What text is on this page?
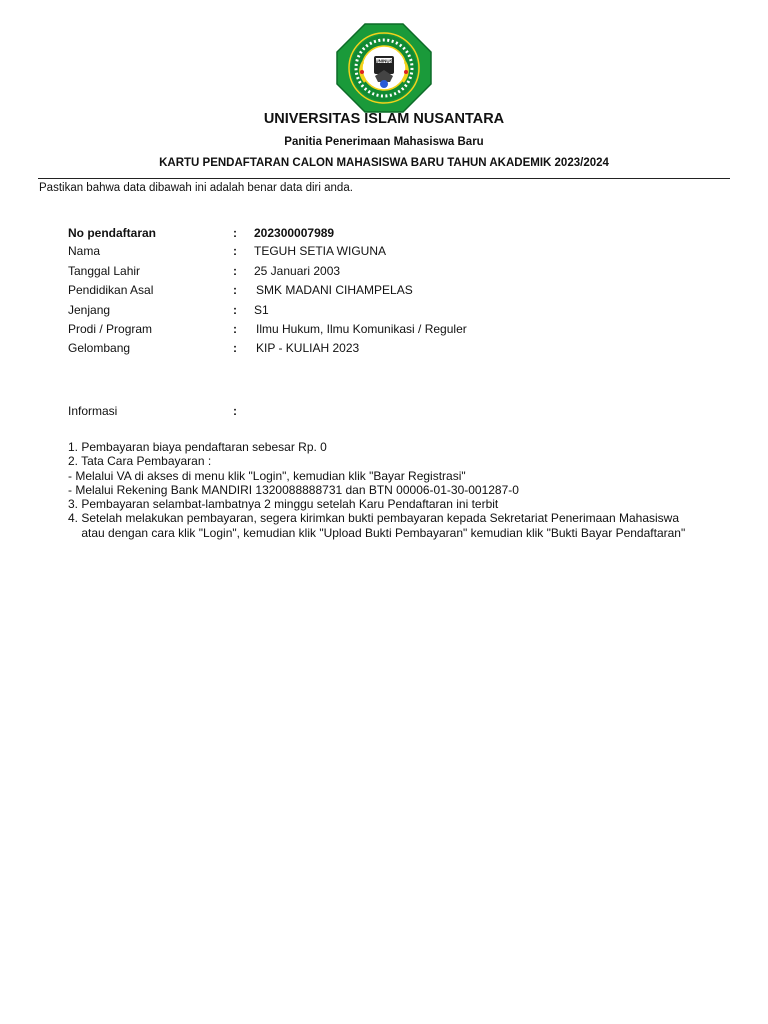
UNINUS
UNIVERSITAS ISLAM NUSANTARA
Panitia Penerimaan Mahasiswa Baru
KARTU PENDAFTARAN CALON MAHASISWA BARU TAHUN AKADEMIK 2023/2024
Pastikan bahwa data dibawah ini adalah benar data diri anda.
No pendaftaran	: 202300007989
Nama	: TEGUH SETIA WIGUNA
Tanggal Lahir	: 25 Januari 2003
Pendidikan Asal	: SMK MADANI CIHAMPELAS
Jenjang	: S1
Prodi / Program	: Ilmu Hukum, Ilmu Komunikasi / Reguler
Gelombang	: KIP - KULIAH 2023
Informasi	:
1. Pembayaran biaya pendaftaran sebesar Rp. 0
2. Tata Cara Pembayaran :
- Melalui VA di akses di menu klik "Login", kemudian klik "Bayar Registrasi"
- Melalui Rekening Bank MANDIRI 1320088888731 dan BTN 00006-01-30-001287-0
3. Pembayaran selambat-lambatnya 2 minggu setelah Karu Pendaftaran ini terbit
4. Setelah melakukan pembayaran, segera kirimkan bukti pembayaran kepada Sekretariat Penerimaan Mahasiswa
atau dengan cara klik "Login", kemudian klik "Upload Bukti Pembayaran" kemudian klik "Bukti Bayar Pendaftaran"
